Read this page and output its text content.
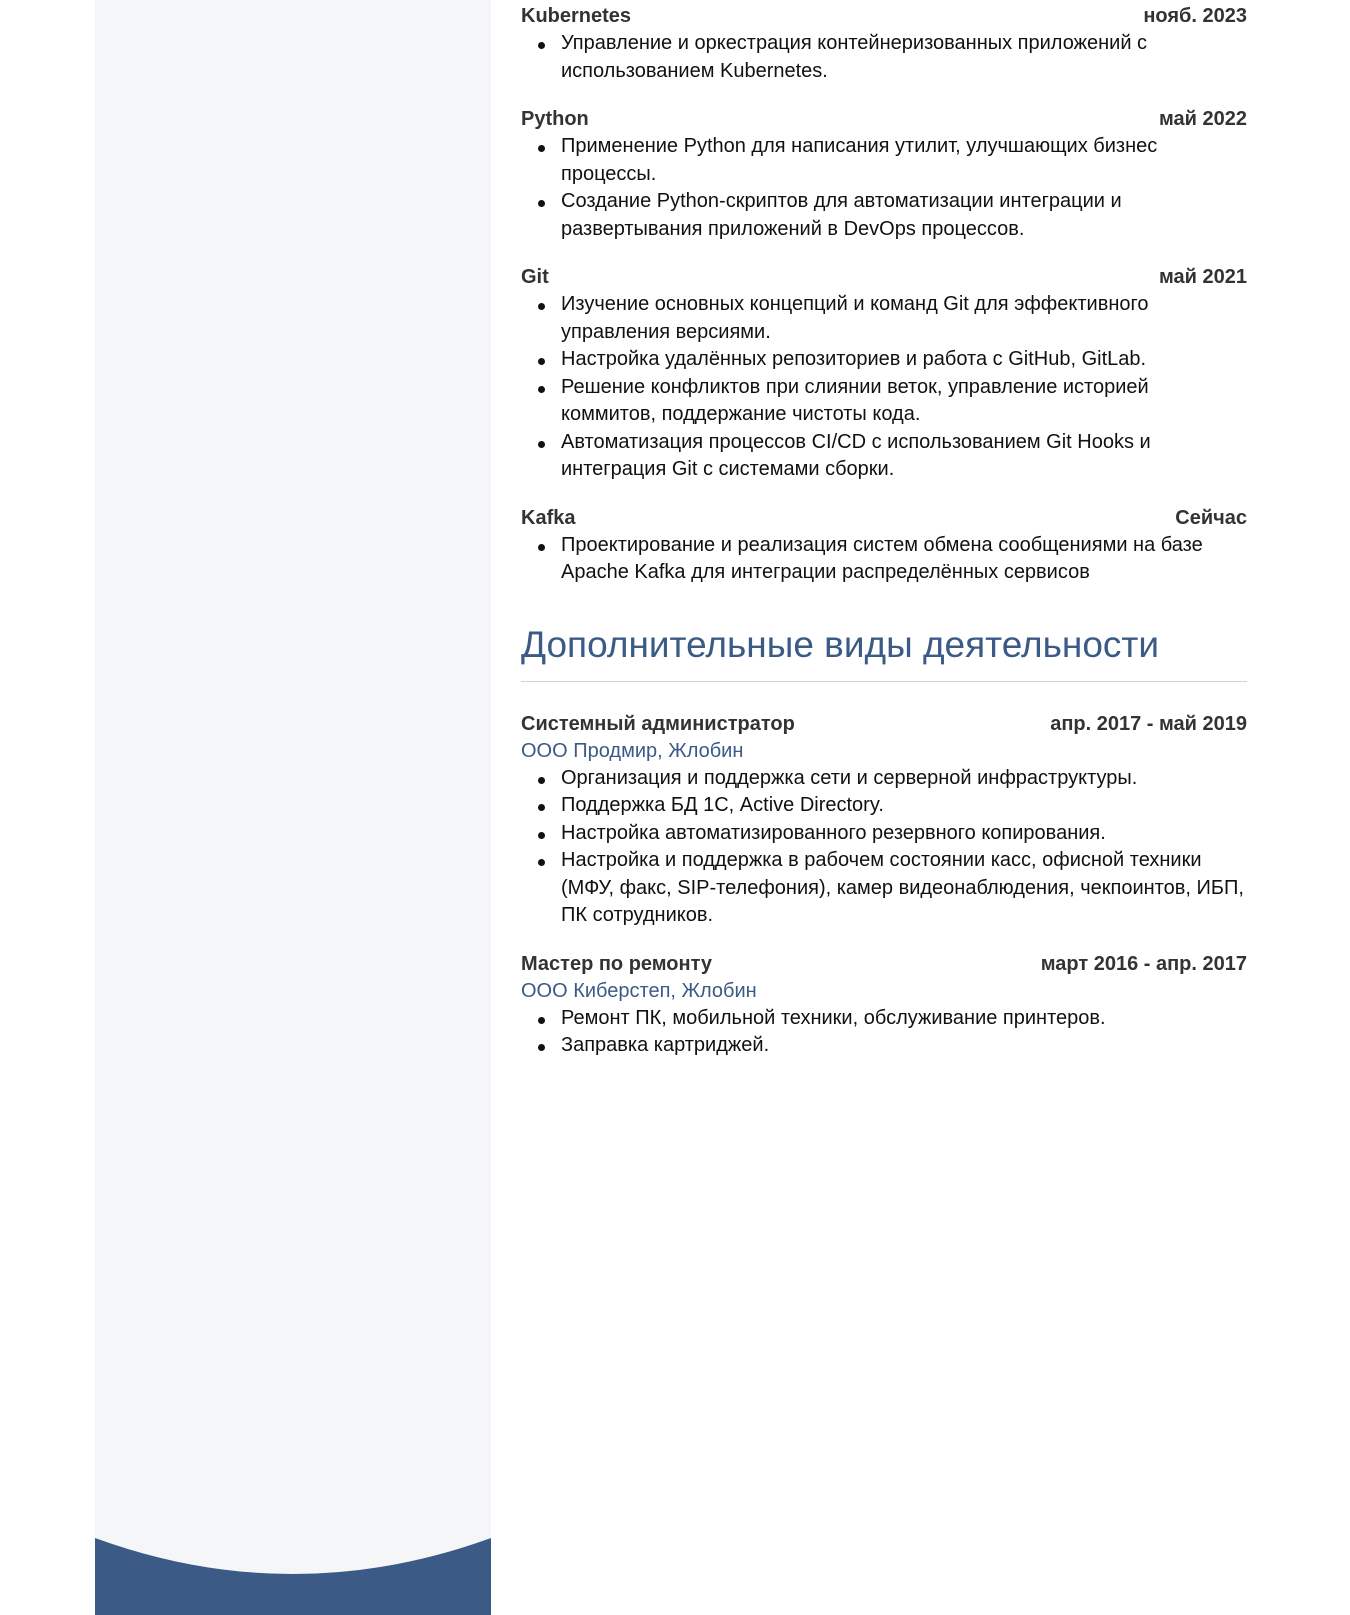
Kubernetes	нояб. 2023
Управление и оркестрация контейнеризованных приложений с использованием Kubernetes.
Python	май 2022
Применение Python для написания утилит, улучшающих бизнес процессы.
Создание Python-скриптов для автоматизации интеграции и развертывания приложений в DevOps процессов.
Git	май 2021
Изучение основных концепций и команд Git для эффективного управления версиями.
Настройка удалённых репозиториев и работа с GitHub, GitLab.
Решение конфликтов при слиянии веток, управление историей коммитов, поддержание чистоты кода.
Автоматизация процессов CI/CD с использованием Git Hooks и интеграция Git с системами сборки.
Kafka	Сейчас
Проектирование и реализация систем обмена сообщениями на базе Apache Kafka для интеграции распределённых сервисов
Дополнительные виды деятельности
Системный администратор	апр. 2017 - май 2019
ООО Продмир, Жлобин
Организация и поддержка сети и серверной инфраструктуры.
Поддержка БД 1С, Active Directory.
Настройка автоматизированного резервного копирования.
Настройка и поддержка в рабочем состоянии касс, офисной техники (МФУ, факс, SIP-телефония), камер видеонаблюдения, чекпоинтов, ИБП, ПК сотрудников.
Мастер по ремонту	март 2016 - апр. 2017
ООО Киберстеп, Жлобин
Ремонт ПК, мобильной техники, обслуживание принтеров.
Заправка картриджей.
